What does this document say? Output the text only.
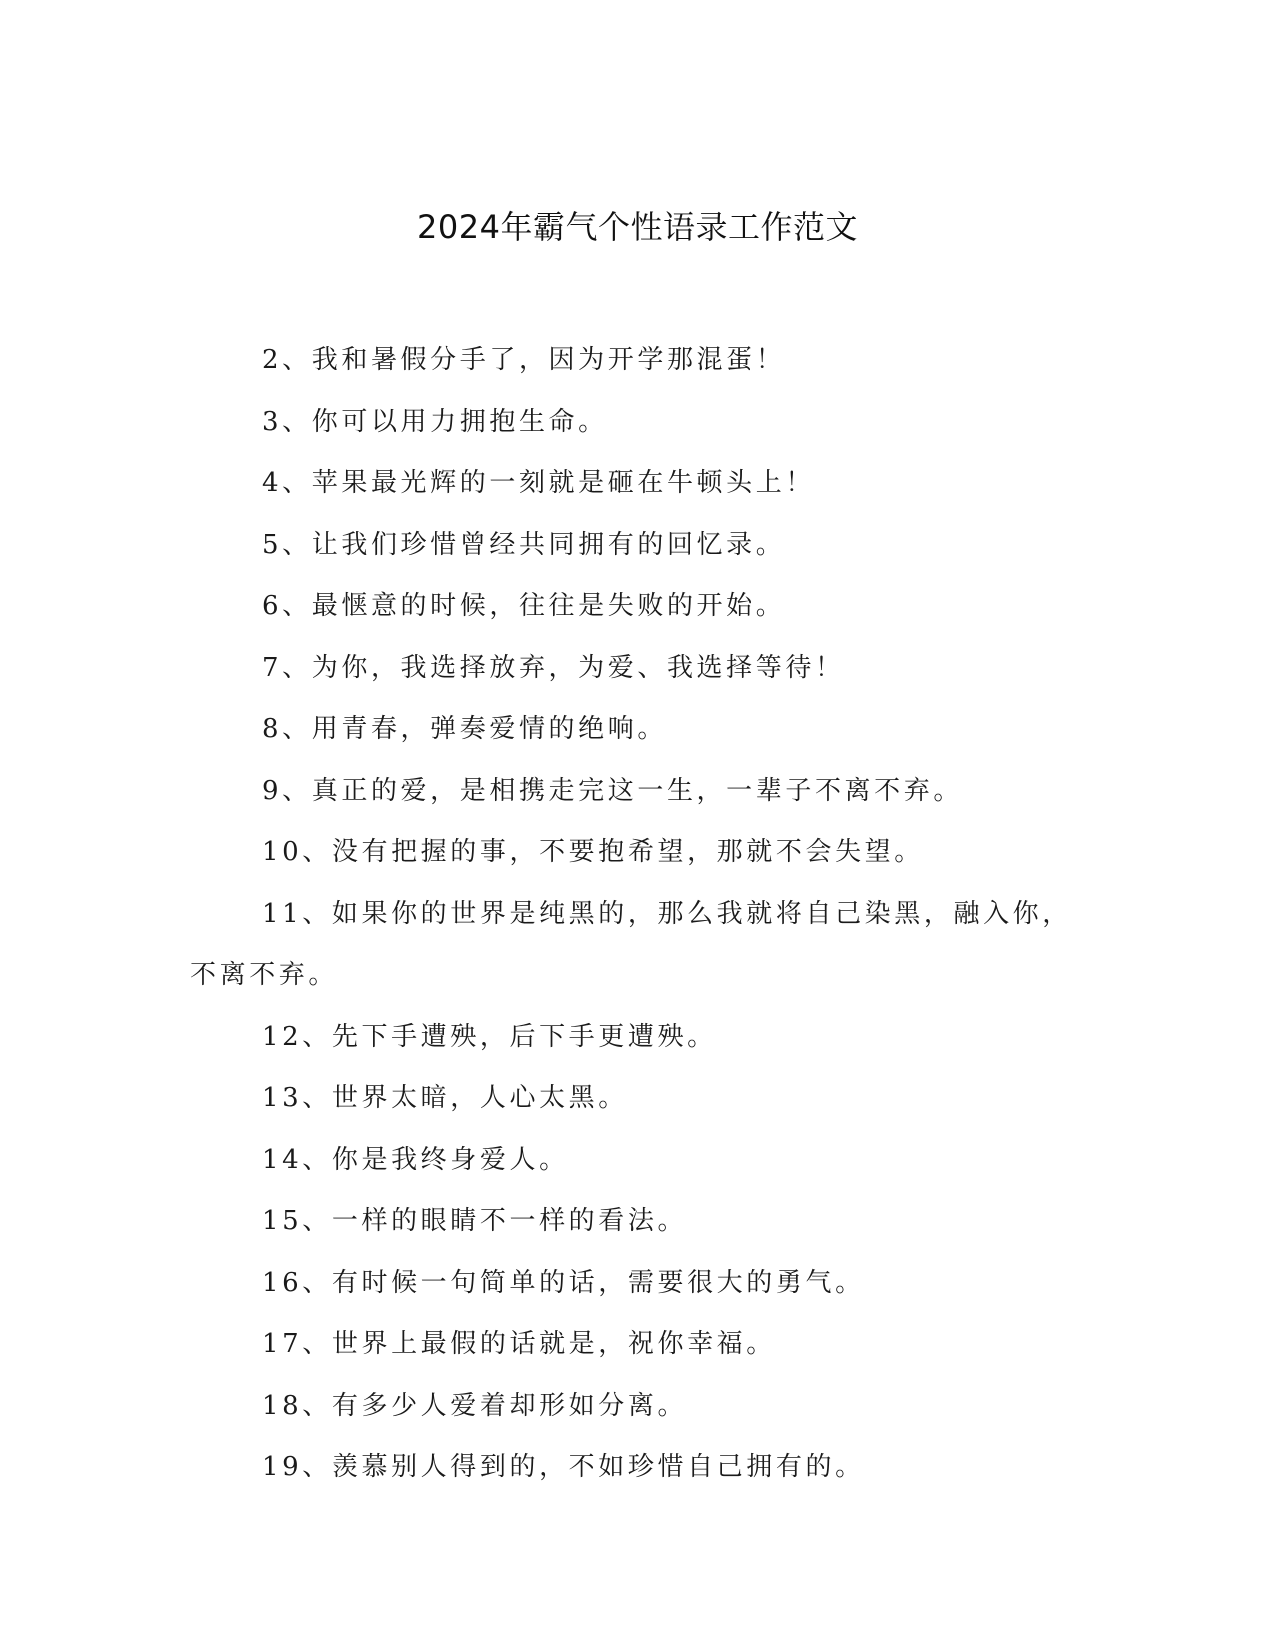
2024年霸气个性语录工作范文

2、我和暑假分手了，因为开学那混蛋！

3、你可以用力拥抱生命。

4、苹果最光辉的一刻就是砸在牛顿头上！

5、让我们珍惜曾经共同拥有的回忆录。

6、最惬意的时候，往往是失败的开始。

7、为你，我选择放弃，为爱、我选择等待！

8、用青春，弹奏爱情的绝响。

9、真正的爱，是相携走完这一生，一辈子不离不弃。

10、没有把握的事，不要抱希望，那就不会失望。

11、如果你的世界是纯黑的，那么我就将自己染黑，融入你，不离不弃。

12、先下手遭殃，后下手更遭殃。

13、世界太暗，人心太黑。

14、你是我终身爱人。

15、一样的眼睛不一样的看法。

16、有时候一句简单的话，需要很大的勇气。

17、世界上最假的话就是，祝你幸福。

18、有多少人爱着却形如分离。

19、羡慕别人得到的，不如珍惜自己拥有的。
